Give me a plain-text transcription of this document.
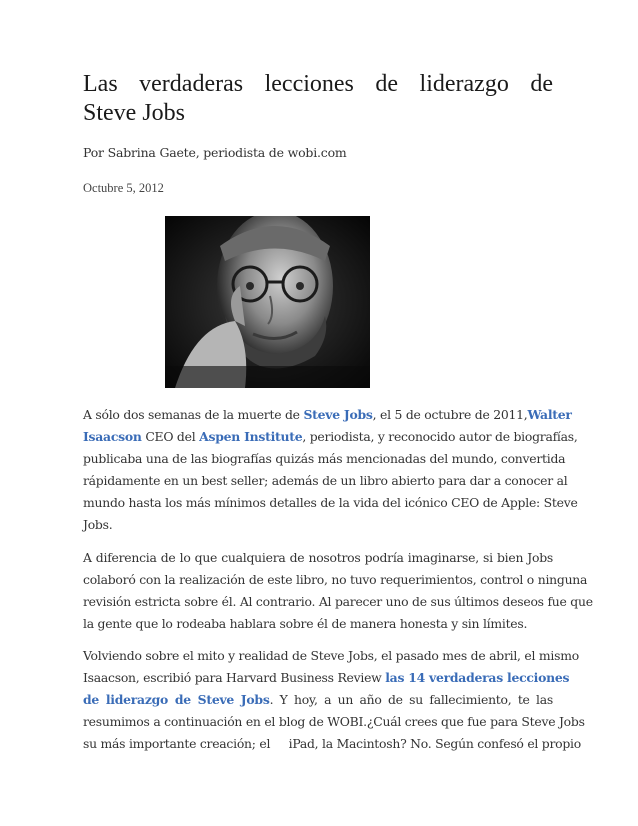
Las verdaderas lecciones de liderazgo de
Steve Jobs
Por Sabrina Gaete, periodista de wobi.com
Octubre 5, 2012
A sólo dos semanas de la muerte de Steve Jobs, el 5 de octubre de 2011,Walter
Isaacson CEO del Aspen Institute, periodista, y reconocido autor de biografías,
publicaba una de las biografías quizás más mencionadas del mundo, convertida
rápidamente en un best seller; además de un libro abierto para dar a conocer al
mundo hasta los más mínimos detalles de la vida del icónico CEO de Apple: Steve
Jobs.
A diferencia de lo que cualquiera de nosotros podría imaginarse, si bien Jobs
colaboró con la realización de este libro, no tuvo requerimientos, control o ninguna
revisión estricta sobre él. Al contrario. Al parecer uno de sus últimos deseos fue que
la gente que lo rodeaba hablara sobre él de manera honesta y sin límites.
Volviendo sobre el mito y realidad de Steve Jobs, el pasado mes de abril, el mismo
Isaacson, escribió para Harvard Business Review las 14 verdaderas lecciones
de liderazgo de Steve Jobs. Y hoy, a un año de su fallecimiento, te las
resumimos a continuación en el blog de WOBI.¿Cuál crees que fue para Steve Jobs
su más importante creación; el     iPad, la Macintosh? No. Según confesó el propio
